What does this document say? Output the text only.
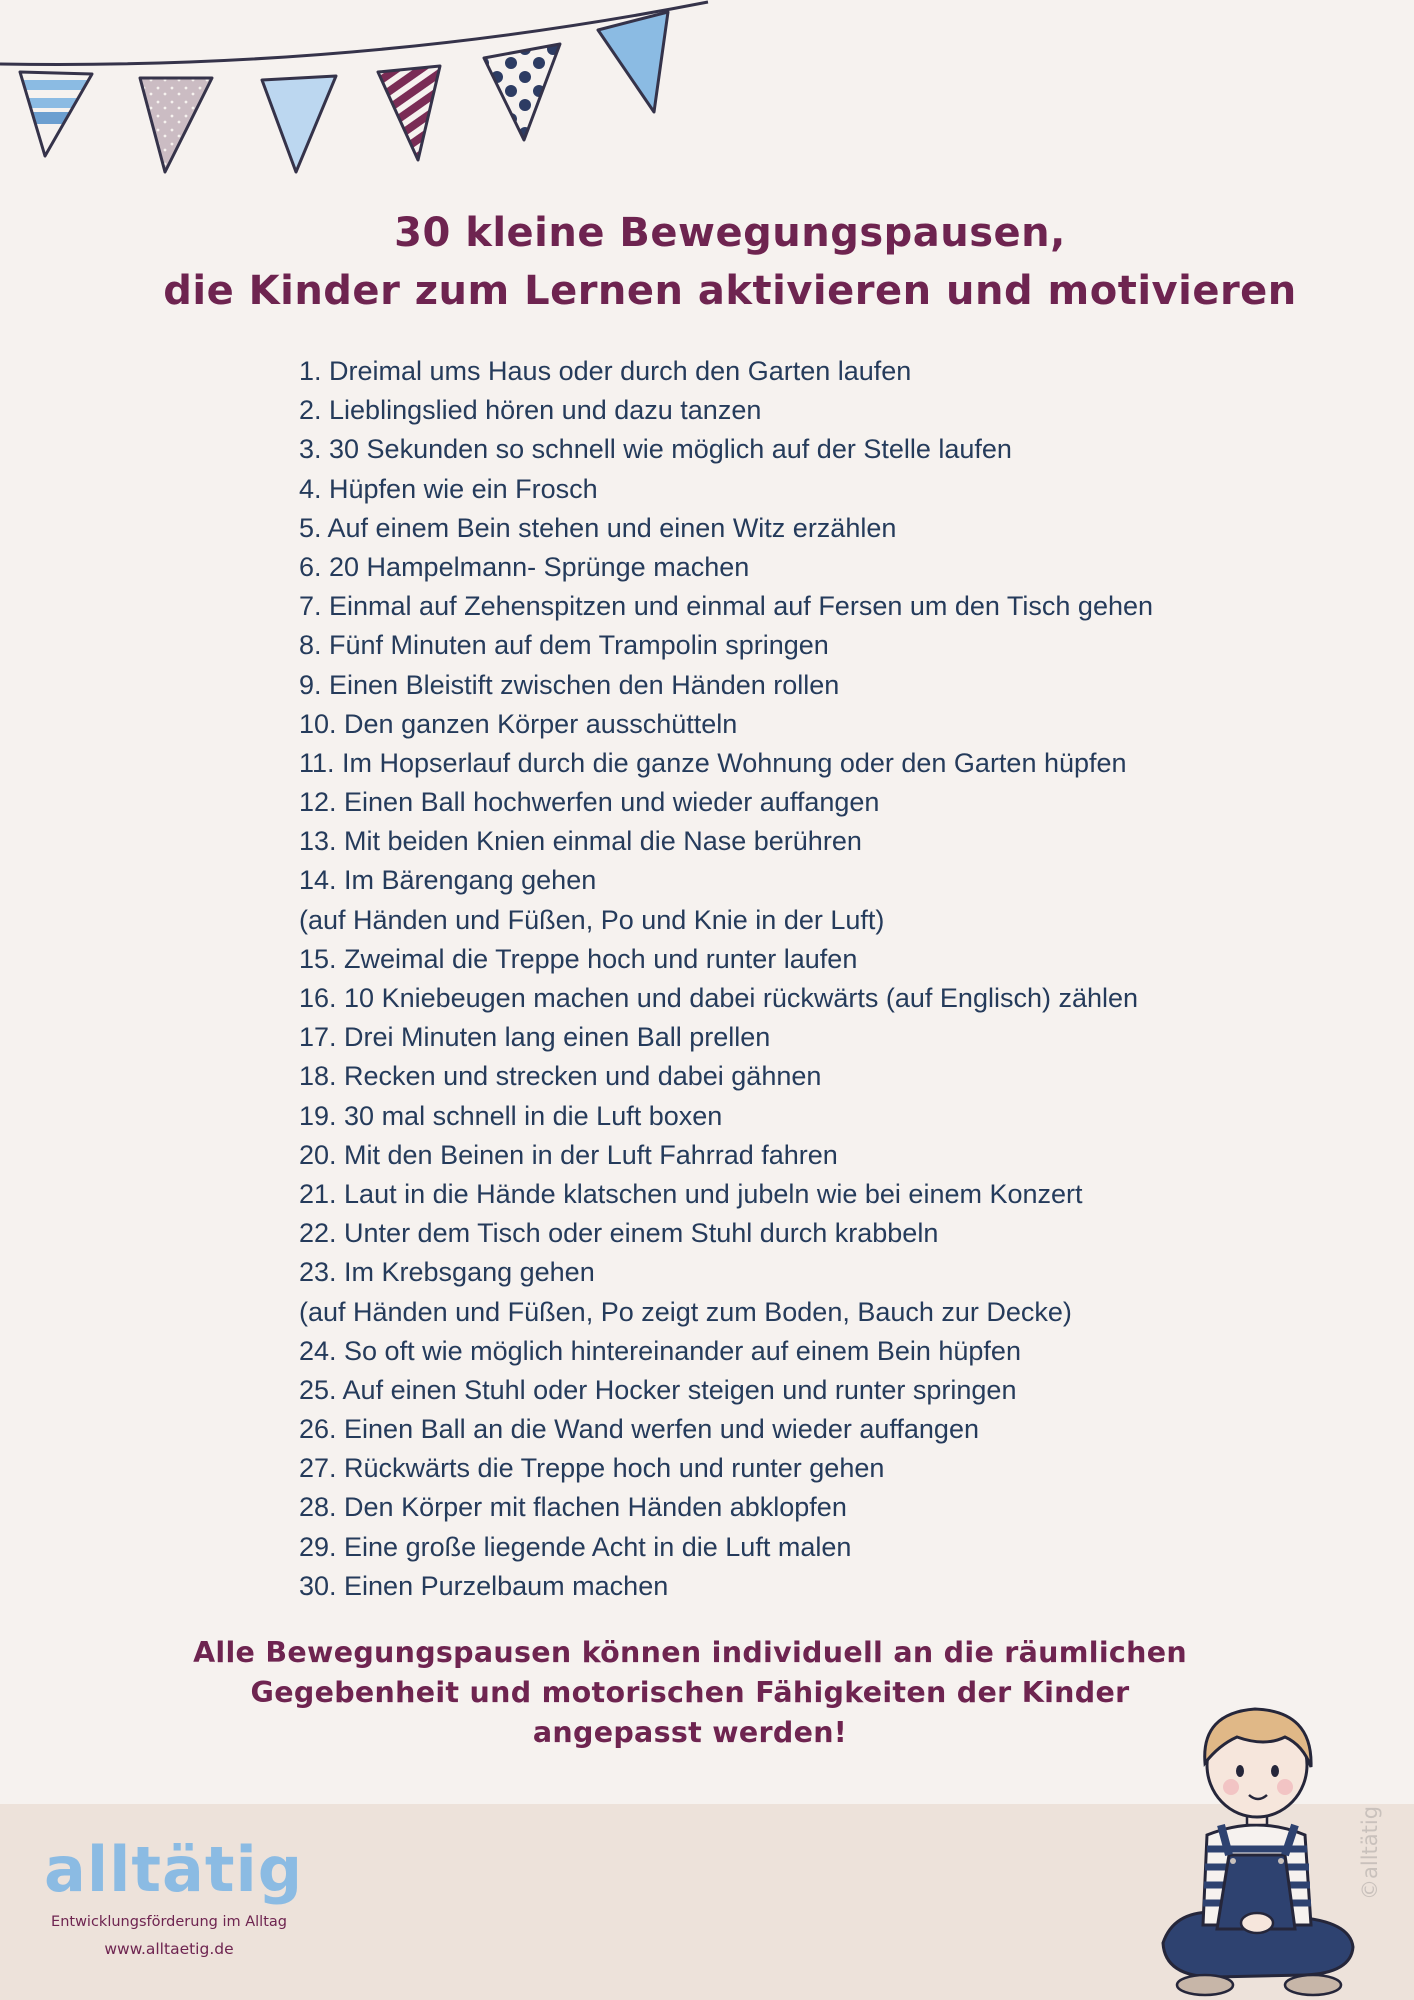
30 kleine Bewegungspausen,
die Kinder zum Lernen aktivieren und motivieren
1. Dreimal ums Haus oder durch den Garten laufen
2. Lieblingslied hören und dazu tanzen
3. 30 Sekunden so schnell wie möglich auf der Stelle laufen
4. Hüpfen wie ein Frosch
5. Auf einem Bein stehen und einen Witz erzählen
6. 20 Hampelmann- Sprünge machen
7. Einmal auf Zehenspitzen und einmal auf Fersen um den Tisch gehen
8. Fünf Minuten auf dem Trampolin springen
9. Einen Bleistift zwischen den Händen rollen
10. Den ganzen Körper ausschütteln
11. Im Hopserlauf durch die ganze Wohnung oder den Garten hüpfen
12. Einen Ball hochwerfen und wieder auffangen
13. Mit beiden Knien einmal die Nase berühren
14. Im Bärengang gehen
(auf Händen und Füßen, Po und Knie in der Luft)
15. Zweimal die Treppe hoch und runter laufen
16. 10 Kniebeugen machen und dabei rückwärts (auf Englisch) zählen
17. Drei Minuten lang einen Ball prellen
18. Recken und strecken und dabei gähnen
19. 30 mal schnell in die Luft boxen
20. Mit den Beinen in der Luft Fahrrad fahren
21. Laut in die Hände klatschen und jubeln wie bei einem Konzert
22. Unter dem Tisch oder einem Stuhl durch krabbeln
23. Im Krebsgang gehen
(auf Händen und Füßen, Po zeigt zum Boden, Bauch zur Decke)
24. So oft wie möglich hintereinander auf einem Bein hüpfen
25. Auf einen Stuhl oder Hocker steigen und runter springen
26. Einen Ball an die Wand werfen und wieder auffangen
27. Rückwärts die Treppe hoch und runter gehen
28. Den Körper mit flachen Händen abklopfen
29. Eine große liegende Acht in die Luft malen
30. Einen Purzelbaum machen
Alle Bewegungspausen können individuell an die räumlichen
Gegebenheit und motorischen Fähigkeiten der Kinder
angepasst werden!
alltätig
Entwicklungsförderung im Alltag
www.alltaetig.de
©alltätig
